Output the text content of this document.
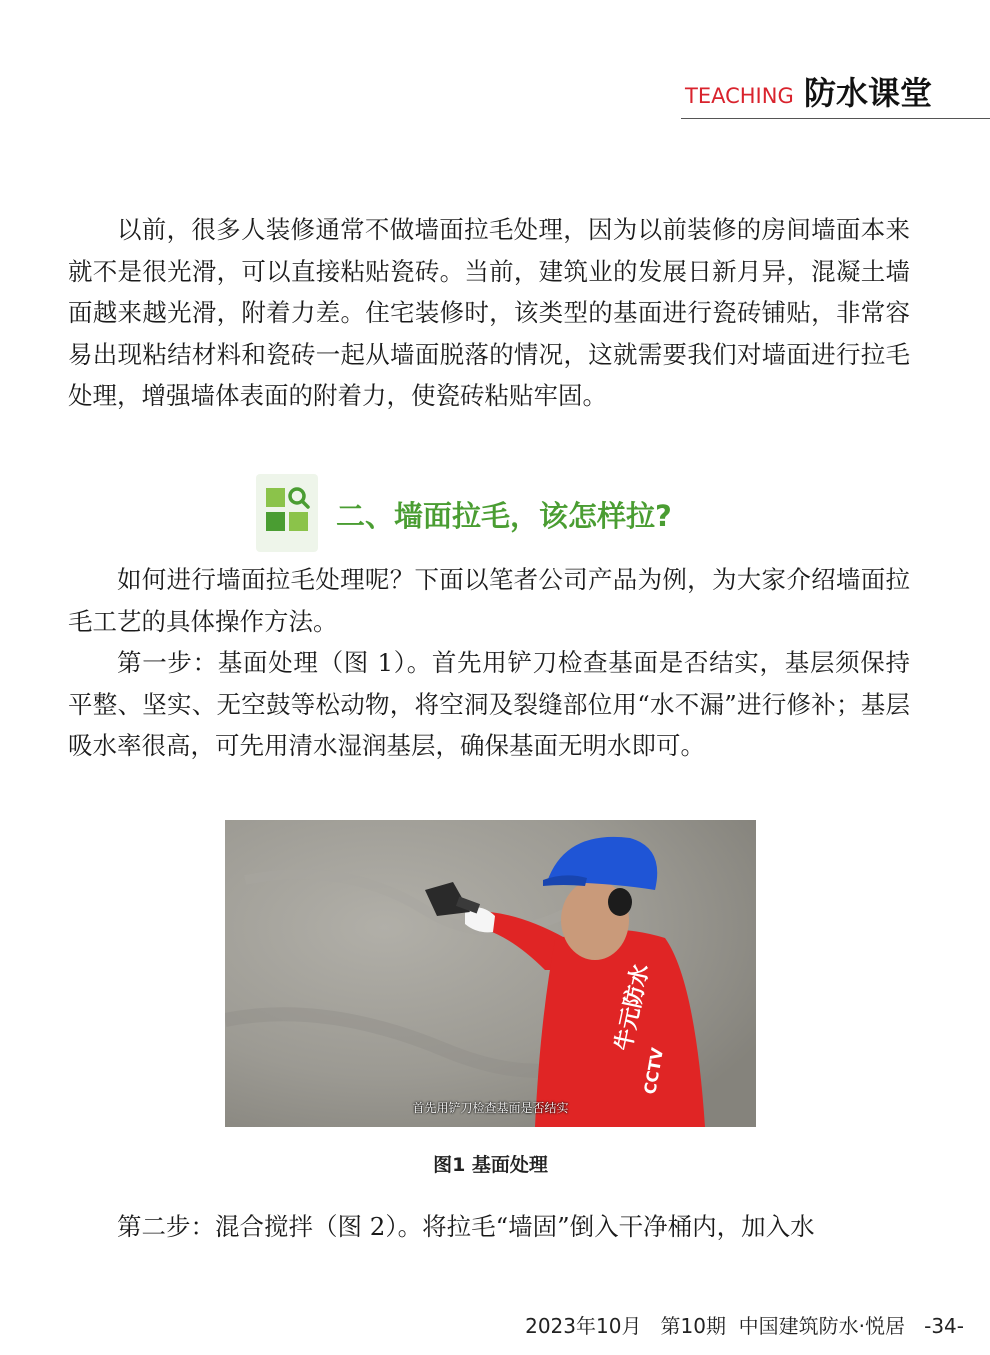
TEACHING 防水课堂

以前，很多人装修通常不做墙面拉毛处理，因为以前装修的房间墙面本来就不是很光滑，可以直接粘贴瓷砖。当前，建筑业的发展日新月异，混凝土墙面越来越光滑，附着力差。住宅装修时，该类型的基面进行瓷砖铺贴，非常容易出现粘结材料和瓷砖一起从墙面脱落的情况，这就需要我们对墙面进行拉毛处理，增强墙体表面的附着力，使瓷砖粘贴牢固。

二、墙面拉毛，该怎样拉?

如何进行墙面拉毛处理呢？下面以笔者公司产品为例，为大家介绍墙面拉毛工艺的具体操作方法。

第一步：基面处理（图 1）。首先用铲刀检查基面是否结实，基层须保持平整、坚实、无空鼓等松动物，将空洞及裂缝部位用“水不漏”进行修补；基层吸水率很高，可先用清水湿润基层，确保基面无明水即可。

牛元防水
CCTV
首先用铲刀检查基面是否结实
图1 基面处理

第二步：混合搅拌（图 2）。将拉毛“墙固”倒入干净桶内，加入水

2023年10月   第10期  中国建筑防水·悦居   -34-
